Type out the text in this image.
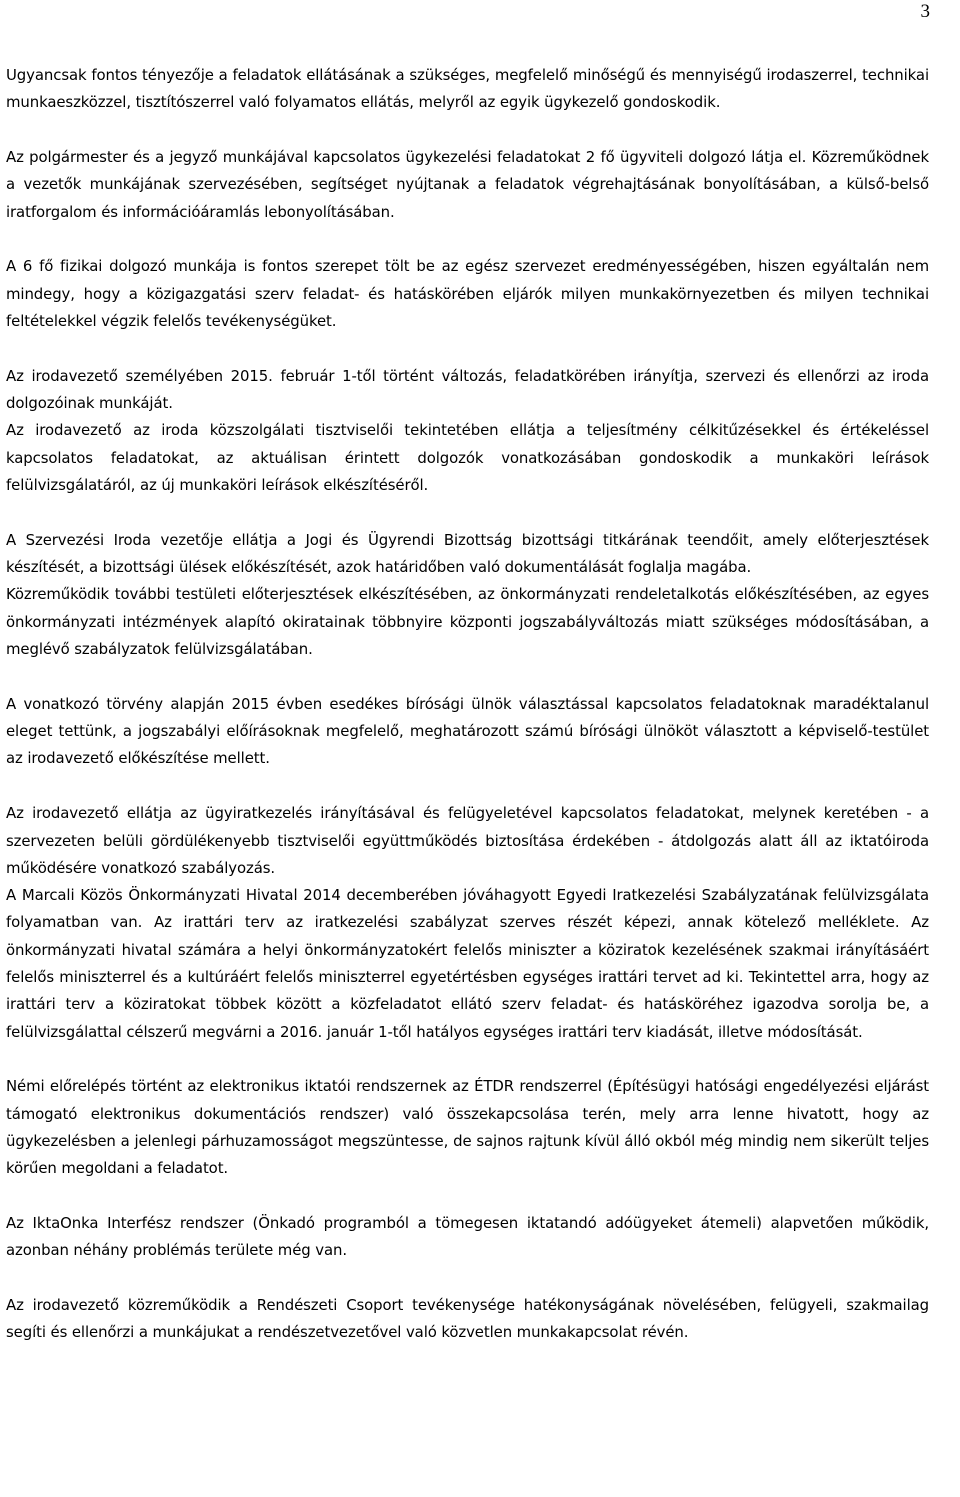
3

Ugyancsak fontos tényezője a feladatok ellátásának a szükséges, megfelelő minőségű és mennyiségű irodaszerrel, technikai munkaeszközzel, tisztítószerrel való folyamatos ellátás, melyről az egyik ügykezelő gondoskodik.

Az polgármester és a jegyző munkájával kapcsolatos ügykezelési feladatokat 2 fő ügyviteli dolgozó látja el. Közreműködnek a vezetők munkájának szervezésében, segítséget nyújtanak a feladatok végrehajtásának bonyolításában, a külső-belső iratforgalom és információáramlás lebonyolításában.

A 6 fő fizikai dolgozó munkája is fontos szerepet tölt be az egész szervezet eredményességében, hiszen egyáltalán nem mindegy, hogy a közigazgatási szerv feladat- és hatáskörében eljárók milyen munkakörnyezetben és milyen technikai feltételekkel végzik felelős tevékenységüket.

Az irodavezető személyében 2015. február 1-től történt változás, feladatkörében irányítja, szervezi és ellenőrzi az iroda dolgozóinak munkáját.

Az irodavezető az iroda közszolgálati tisztviselői tekintetében ellátja a teljesítmény célkitűzésekkel és értékeléssel kapcsolatos feladatokat, az aktuálisan érintett dolgozók vonatkozásában gondoskodik a munkaköri leírások felülvizsgálatáról, az új munkaköri leírások elkészítéséről.

A Szervezési Iroda vezetője ellátja a Jogi és Ügyrendi Bizottság bizottsági titkárának teendőit, amely előterjesztések készítését, a bizottsági ülések előkészítését, azok határidőben való dokumentálását foglalja magába.

Közreműködik további testületi előterjesztések elkészítésében, az önkormányzati rendeletalkotás előkészítésében, az egyes önkormányzati intézmények alapító okiratainak többnyire központi jogszabályváltozás miatt szükséges módosításában, a meglévő szabályzatok felülvizsgálatában.

A vonatkozó törvény alapján 2015 évben esedékes bírósági ülnök választással kapcsolatos feladatoknak maradéktalanul eleget tettünk, a jogszabályi előírásoknak megfelelő, meghatározott számú bírósági ülnököt választott a képviselő-testület az irodavezető előkészítése mellett.

Az irodavezető ellátja az ügyiratkezelés irányításával és felügyeletével kapcsolatos feladatokat, melynek keretében - a szervezeten belüli gördülékenyebb tisztviselői együttműködés biztosítása érdekében - átdolgozás alatt áll az iktatóiroda működésére vonatkozó szabályozás.

A Marcali Közös Önkormányzati Hivatal 2014 decemberében jóváhagyott Egyedi Iratkezelési Szabályzatának felülvizsgálata folyamatban van. Az irattári terv az iratkezelési szabályzat szerves részét képezi, annak kötelező melléklete. Az önkormányzati hivatal számára a helyi önkormányzatokért felelős miniszter a köziratok kezelésének szakmai irányításáért felelős miniszterrel és a kultúráért felelős miniszterrel egyetértésben egységes irattári tervet ad ki. Tekintettel arra, hogy az irattári terv a köziratokat többek között a közfeladatot ellátó szerv feladat- és hatásköréhez igazodva sorolja be, a felülvizsgálattal célszerű megvárni a 2016. január 1-től hatályos egységes irattári terv kiadását, illetve módosítását.

Némi előrelépés történt az elektronikus iktatói rendszernek az ÉTDR rendszerrel (Építésügyi hatósági engedélyezési eljárást támogató elektronikus dokumentációs rendszer) való összekapcsolása terén, mely arra lenne hivatott, hogy az ügykezelésben a jelenlegi párhuzamosságot megszüntesse, de sajnos rajtunk kívül álló okból még mindig nem sikerült teljes körűen megoldani a feladatot.

Az IktaOnka Interfész rendszer (Önkadó programból a tömegesen iktatandó adóügyeket átemeli) alapvetően működik, azonban néhány problémás területe még van.

Az irodavezető közreműködik a Rendészeti Csoport tevékenysége hatékonyságának növelésében, felügyeli, szakmailag segíti és ellenőrzi a munkájukat a rendészetvezetővel való közvetlen munkakapcsolat révén.
